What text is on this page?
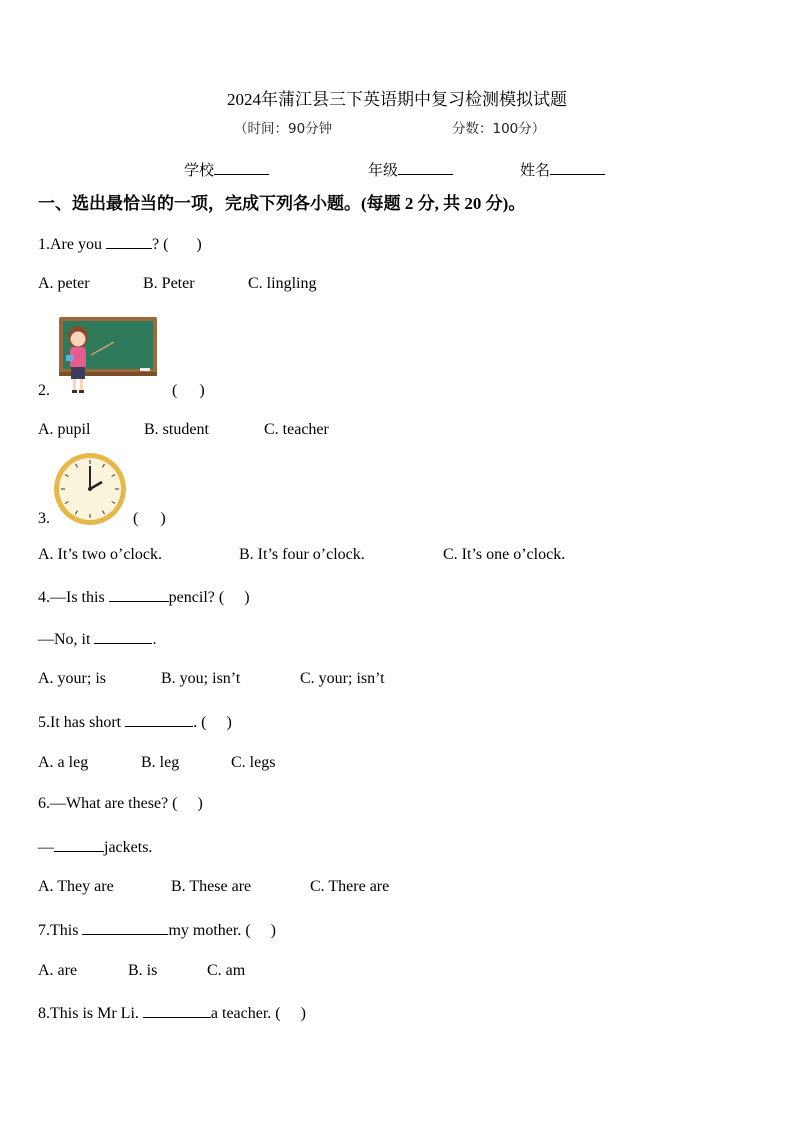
2024年蒲江县三下英语期中复习检测模拟试题
（时间：90分钟	分数：100分）
学校	年级	姓名
一、选出最恰当的一项，完成下列各小题。(每题 2 分, 共 20 分)。
1.Are you	? ( )
A. peter	B. Peter	C. lingling
2.	( )
A. pupil	B. student	C. teacher
3.	( )
A. It’s two o’clock.	B. It’s four o’clock.	C. It’s one o’clock.
4.—Is this	pencil? ( )
—No, it	.
A. your; is	B. you; isn’t	C. your; isn’t
5.It has short	. ( )
A. a leg	B. leg	C. legs
6.—What are these? ( )
—	jackets.
A. They are	B. These are	C. There are
7.This	my mother. ( )
A. are	B. is	C. am
8.This is Mr Li.	a teacher. ( )
